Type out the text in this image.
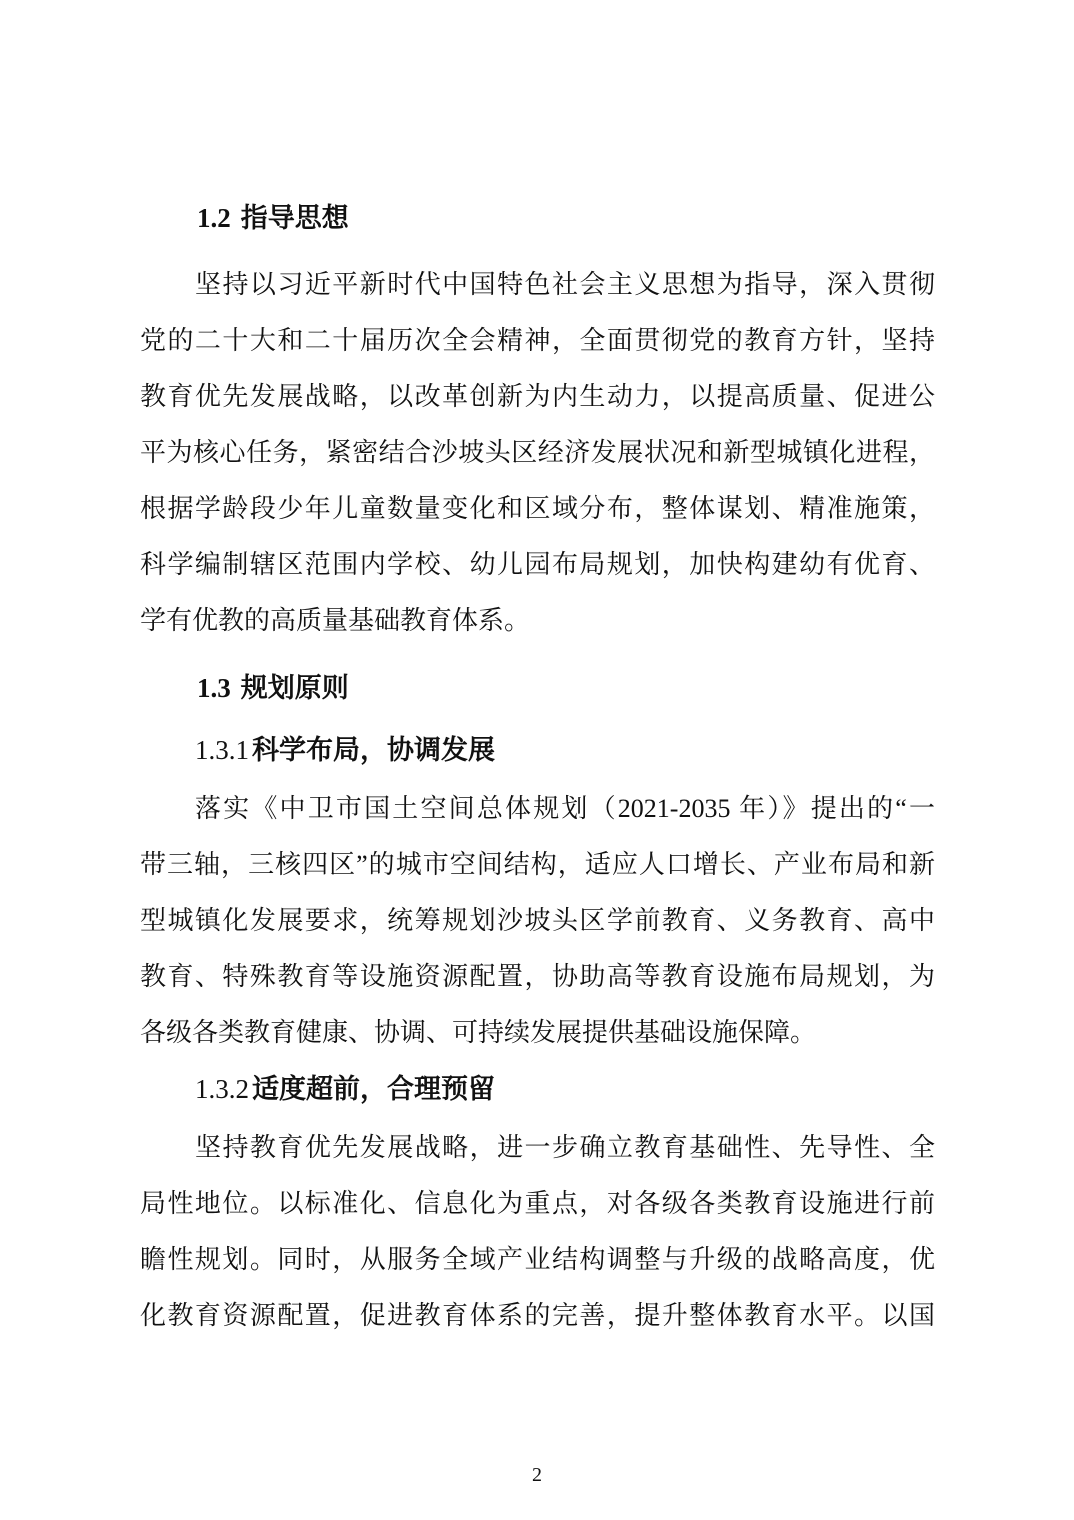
1.2 指导思想
坚持以习近平新时代中国特色社会主义思想为指导，深入贯彻
党的二十大和二十届历次全会精神，全面贯彻党的教育方针，坚持
教育优先发展战略，以改革创新为内生动力，以提高质量、促进公
平为核心任务，紧密结合沙坡头区经济发展状况和新型城镇化进程，
根据学龄段少年儿童数量变化和区域分布，整体谋划、精准施策，
科学编制辖区范围内学校、幼儿园布局规划，加快构建幼有优育、
学有优教的高质量基础教育体系。
1.3 规划原则
1.3.1 科学布局，协调发展
落实《中卫市国土空间总体规划（2021-2035 年）》提出的“一
带三轴，三核四区”的城市空间结构，适应人口增长、产业布局和新
型城镇化发展要求，统筹规划沙坡头区学前教育、义务教育、高中
教育、特殊教育等设施资源配置，协助高等教育设施布局规划，为
各级各类教育健康、协调、可持续发展提供基础设施保障。
1.3.2 适度超前，合理预留
坚持教育优先发展战略，进一步确立教育基础性、先导性、全
局性地位。以标准化、信息化为重点，对各级各类教育设施进行前
瞻性规划。同时，从服务全域产业结构调整与升级的战略高度，优
化教育资源配置，促进教育体系的完善，提升整体教育水平。以国
2
